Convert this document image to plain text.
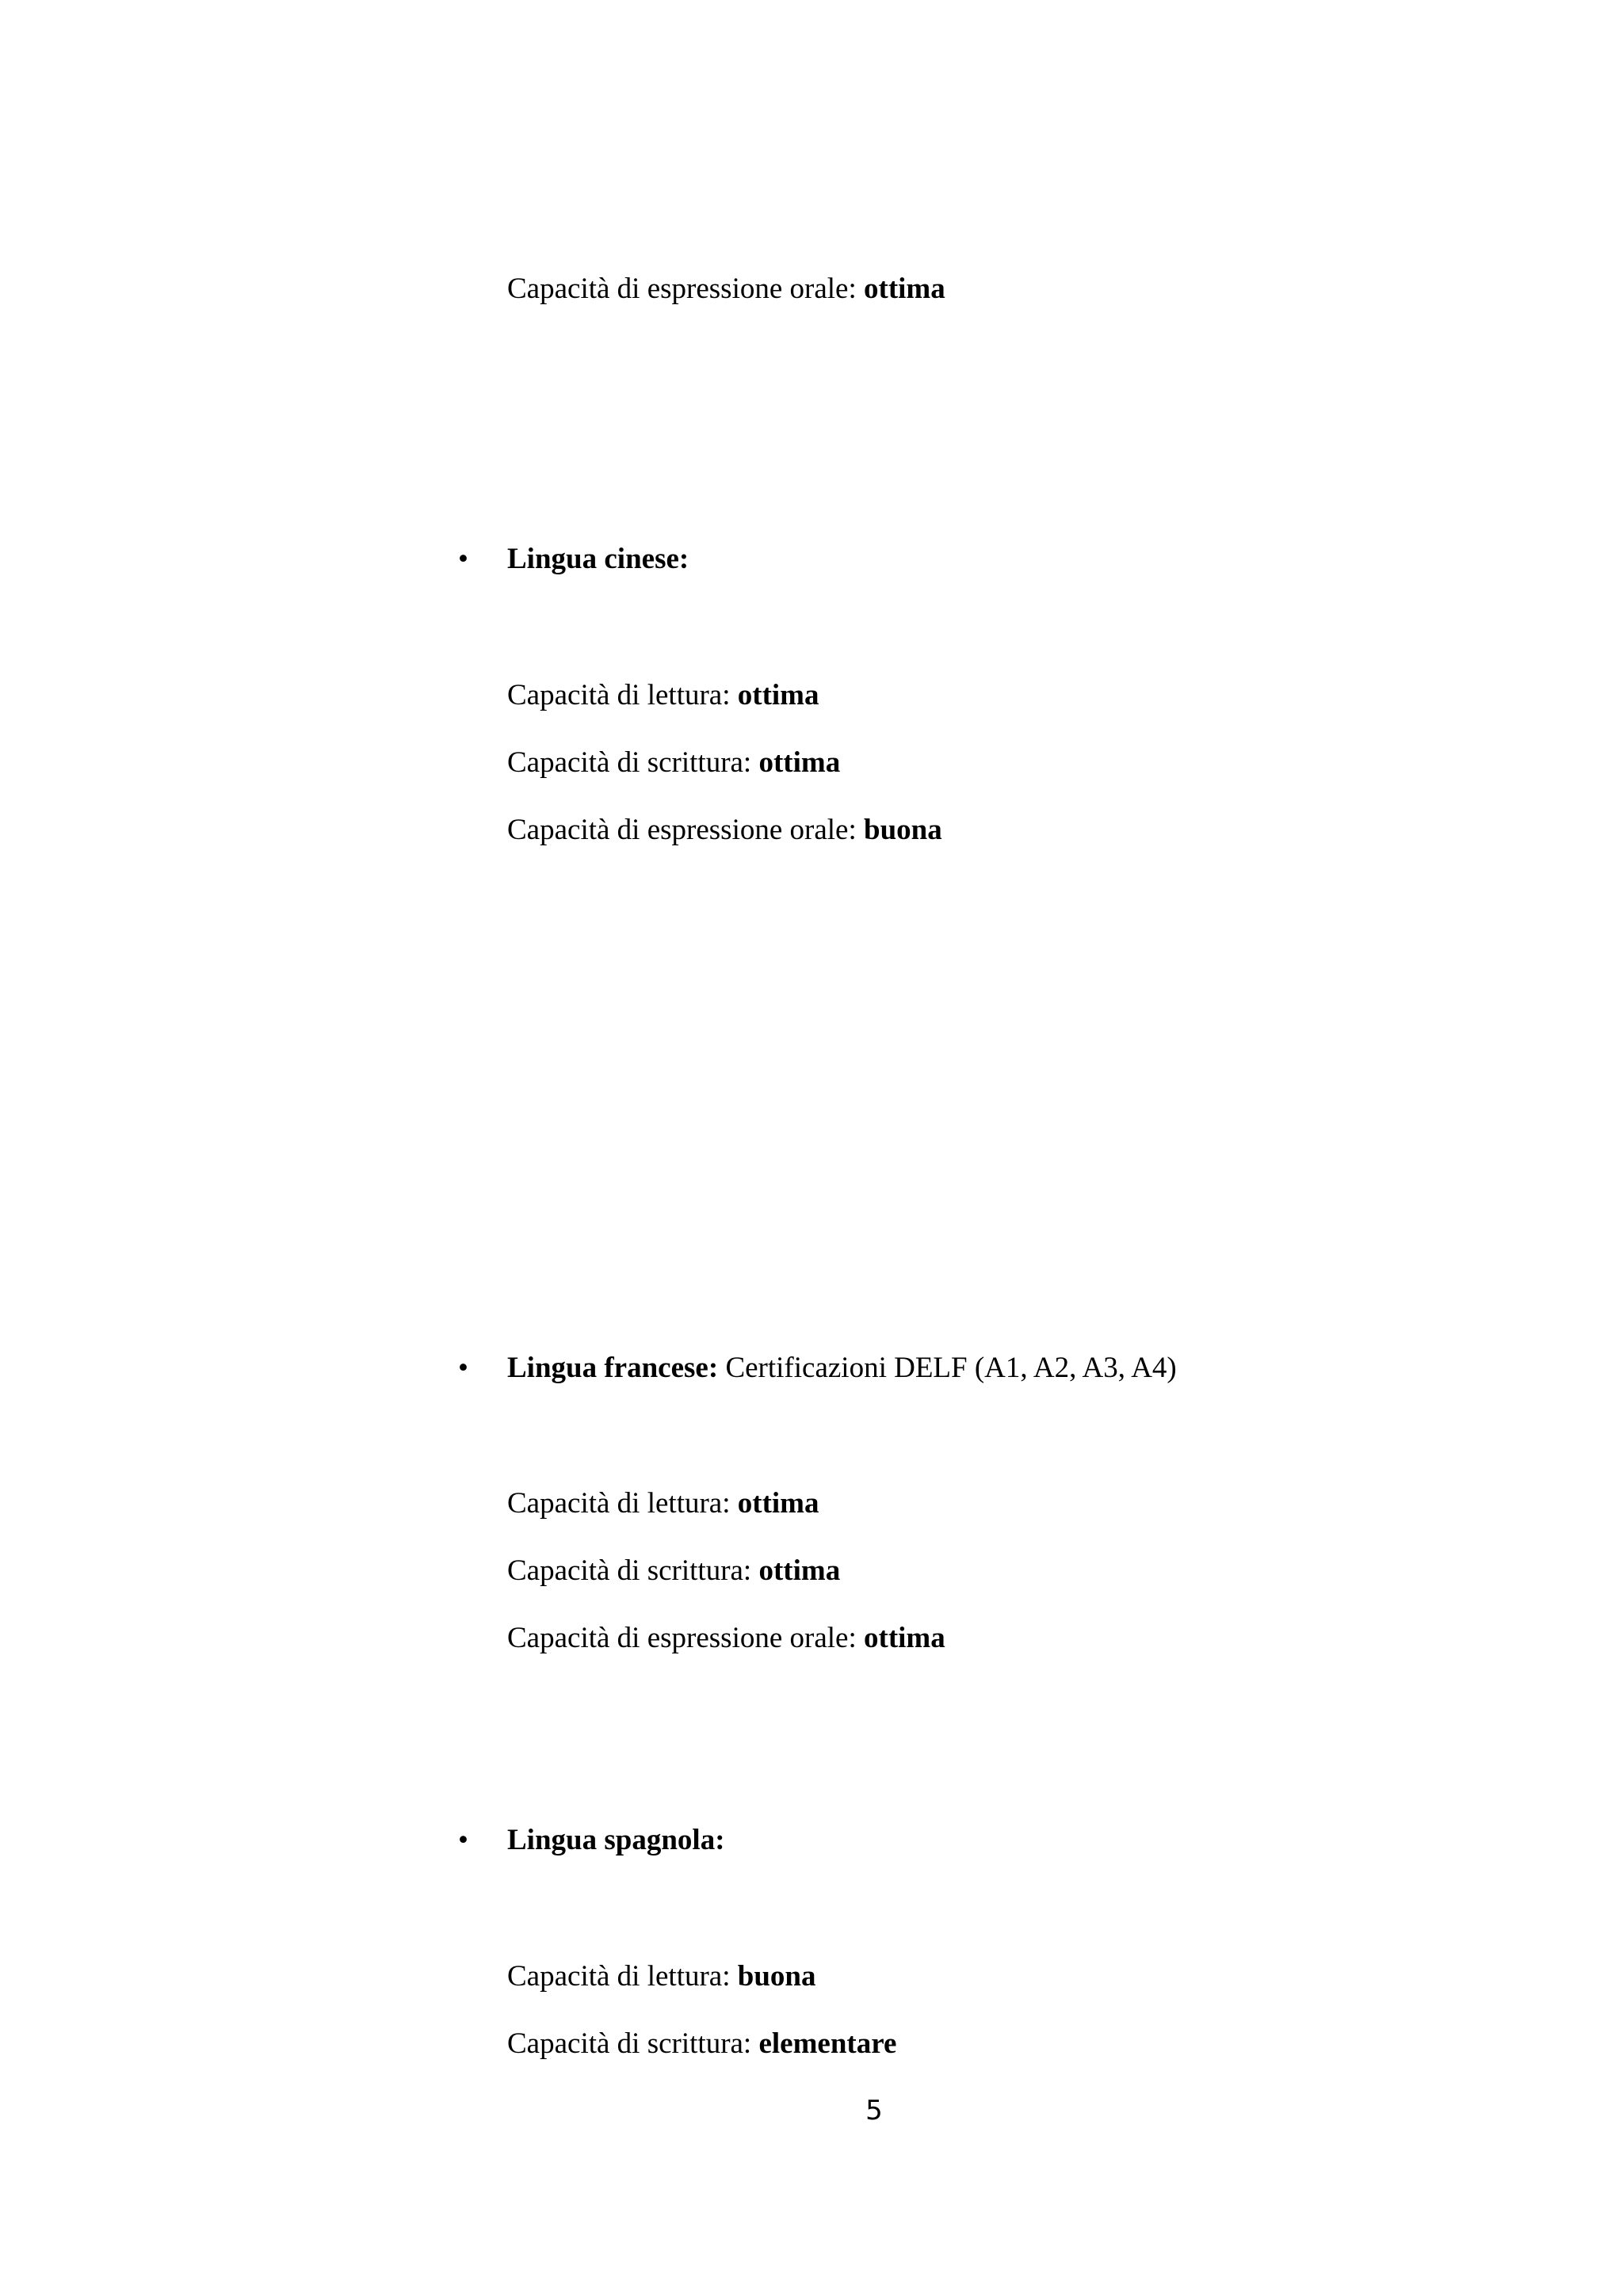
Capacità di espressione orale: ottima
• Lingua cinese:
Capacità di lettura: ottima
Capacità di scrittura: ottima
Capacità di espressione orale: buona
• Lingua francese: Certificazioni DELF (A1, A2, A3, A4)
Capacità di lettura: ottima
Capacità di scrittura: ottima
Capacità di espressione orale: ottima
• Lingua spagnola:
Capacità di lettura: buona
Capacità di scrittura: elementare
5
